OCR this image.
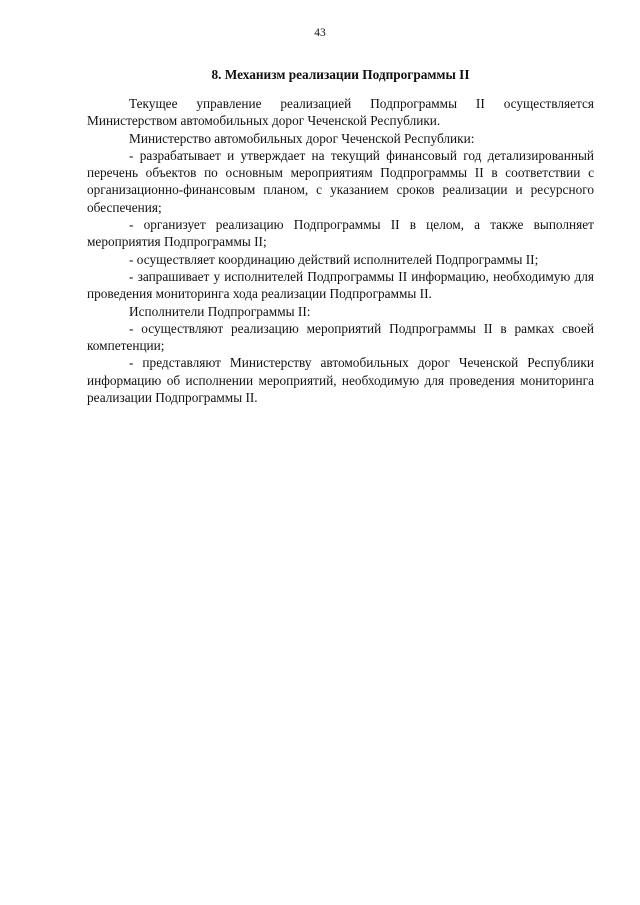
43
8. Механизм реализации Подпрограммы II

Текущее управление реализацией Подпрограммы II осуществляется Министерством автомобильных дорог Чеченской Республики.

Министерство автомобильных дорог Чеченской Республики:

- разрабатывает и утверждает на текущий финансовый год детализированный перечень объектов по основным мероприятиям Подпрограммы II в соответствии с организационно-финансовым планом, с указанием сроков реализации и ресурсного обеспечения;

- организует реализацию Подпрограммы II в целом, а также выполняет мероприятия Подпрограммы II;

- осуществляет координацию действий исполнителей Подпрограммы II;

- запрашивает у исполнителей Подпрограммы II информацию, необходимую для проведения мониторинга хода реализации Подпрограммы II.

Исполнители Подпрограммы II:

- осуществляют реализацию мероприятий Подпрограммы II в рамках своей компетенции;

- представляют Министерству автомобильных дорог Чеченской Республики информацию об исполнении мероприятий, необходимую для проведения мониторинга реализации Подпрограммы II.
